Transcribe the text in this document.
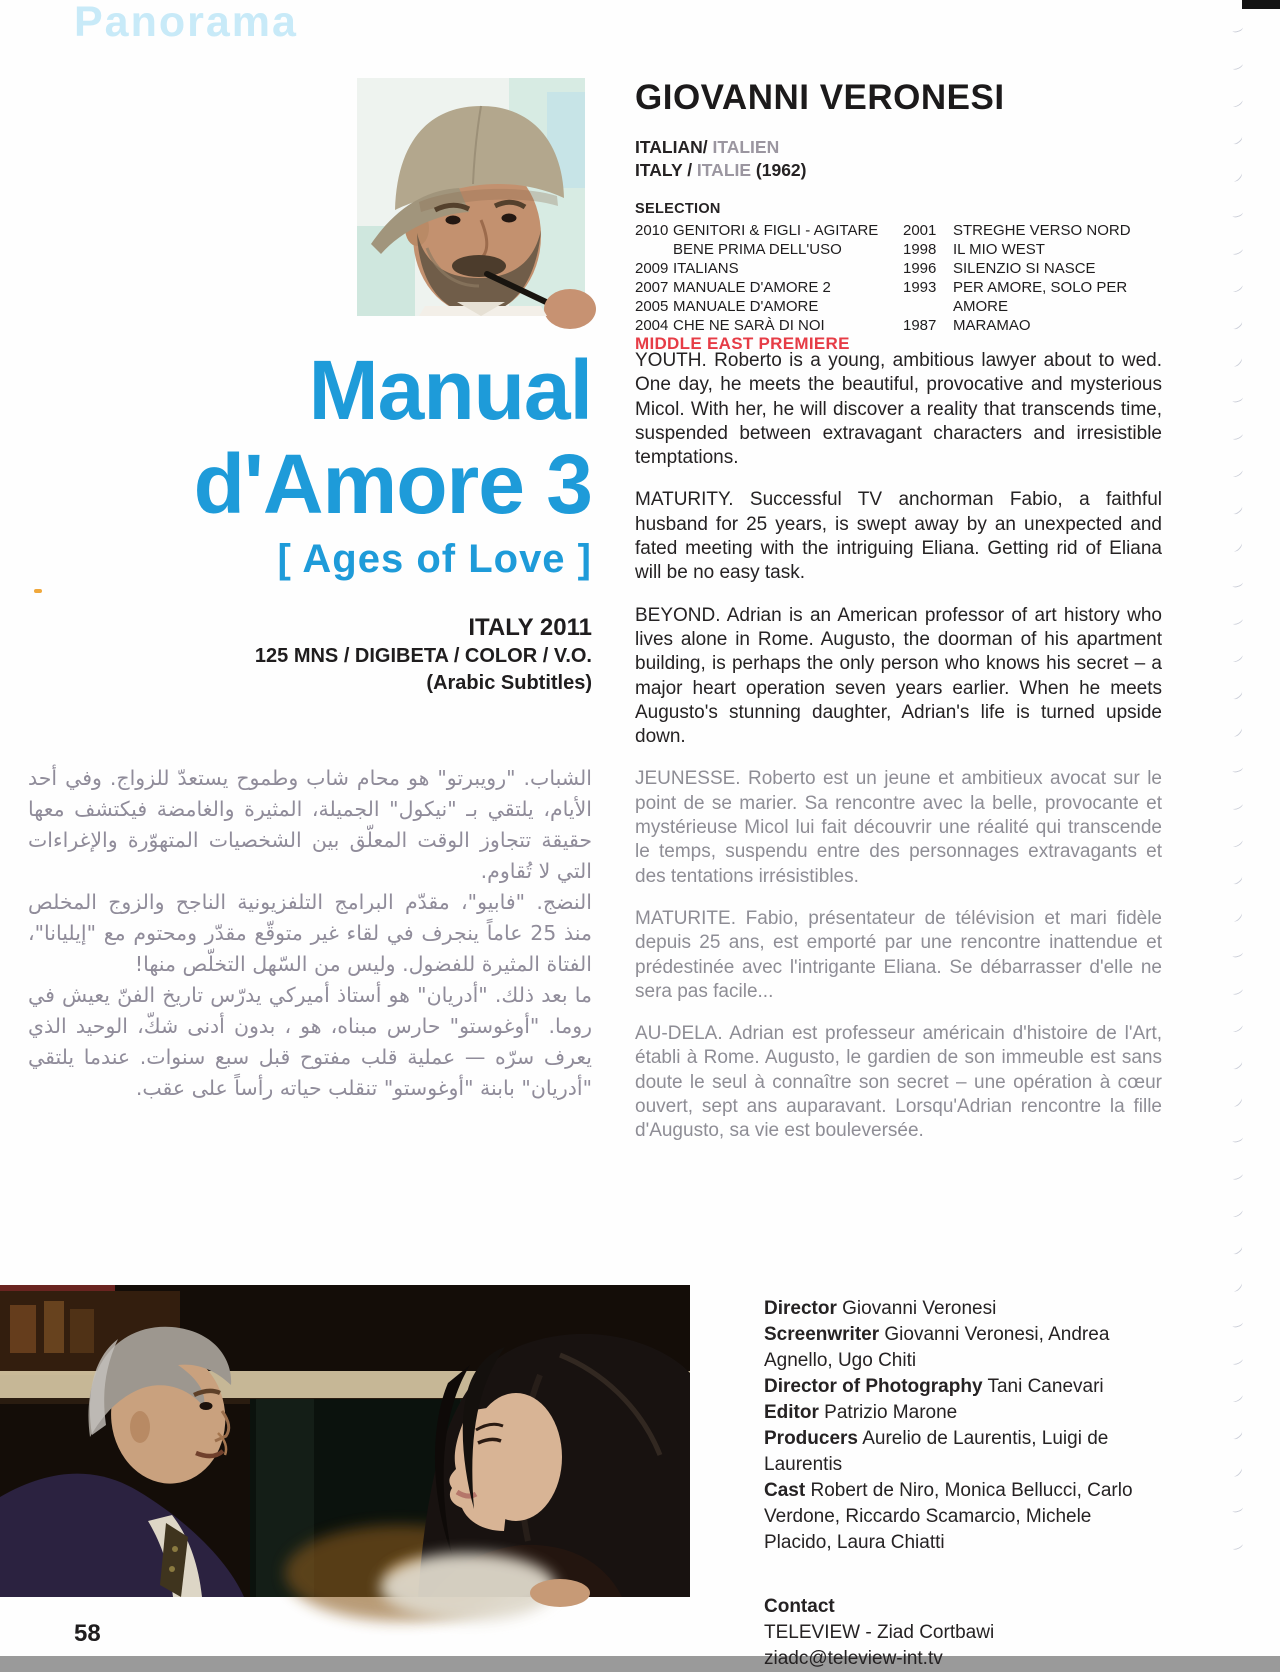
Panorama
GIOVANNI VERONESI
ITALIAN/ ITALIEN
ITALY / ITALIE (1962)
SELECTION
2010 GENITORI & FIGLI - AGITARE BENE PRIMA DELL'USO
2009 ITALIANS
2007 MANUALE D'AMORE 2
2005 MANUALE D'AMORE
2004 CHE NE SARÀ DI NOI
2001	STREGHE VERSO NORD
1998	IL MIO WEST
1996	SILENZIO SI NASCE
1993	PER AMORE, SOLO PER AMORE
1987	MARAMAO
MIDDLE EAST PREMIERE
Manual
d'Amore 3
[ Ages of Love ]
ITALY 2011
125 MNS / DIGIBETA / COLOR / V.O.
(Arabic Subtitles)

الشباب. "رويبرتو" هو محام شاب وطموح يستعدّ للزواج. وفي أحد الأيام، يلتقي بـ "نيكول" الجميلة، المثيرة والغامضة فيكتشف معها حقيقة تتجاوز الوقت المعلّق بين الشخصيات المتهوّرة والإغراءات التي لا تُقاوم.

النضج. "فابيو"، مقدّم البرامج التلفزيونية الناجح والزوج المخلص منذ 25 عاماً ينجرف في لقاء غير متوقّع مقدّر ومحتوم مع "إيليانا"، الفتاة المثيرة للفضول. وليس من السّهل التخلّص منها!

ما بعد ذلك. "أدريان" هو أستاذ أميركي يدرّس تاريخ الفنّ يعيش في روما. "أوغوستو" حارس مبناه، هو ، بدون أدنى شكّ، الوحيد الذي يعرف سرّه — عملية قلب مفتوح قبل سبع سنوات. عندما يلتقي "أدريان" بابنة "أوغوستو" تنقلب حياته رأساً على عقب.

YOUTH. Roberto is a young, ambitious lawyer about to wed. One day, he meets the beautiful, provocative and mysterious Micol. With her, he will discover a reality that transcends time, suspended between extravagant characters and irresistible temptations.

MATURITY. Successful TV anchorman Fabio, a faithful husband for 25 years, is swept away by an unexpected and fated meeting with the intriguing Eliana. Getting rid of Eliana will be no easy task.

BEYOND. Adrian is an American professor of art history who lives alone in Rome. Augusto, the doorman of his apartment building, is perhaps the only person who knows his secret – a major heart operation seven years earlier. When he meets Augusto's stunning daughter, Adrian's life is turned upside down.

JEUNESSE. Roberto est un jeune et ambitieux avocat sur le point de se marier. Sa rencontre avec la belle, provocante et mystérieuse Micol lui fait découvrir une réalité qui transcende le temps, suspendu entre des personnages extravagants et des tentations irrésistibles.

MATURITE. Fabio, présentateur de télévision et mari fidèle depuis 25 ans, est emporté par une rencontre inattendue et prédestinée avec l'intrigante Eliana. Se débarrasser d'elle ne sera pas facile...

AU-DELA. Adrian est professeur américain d'histoire de l'Art, établi à Rome. Augusto, le gardien de son immeuble est sans doute le seul à connaître son secret – une opération à cœur ouvert, sept ans auparavant. Lorsqu'Adrian rencontre la fille d'Augusto, sa vie est bouleversée.

Director Giovanni Veronesi
Screenwriter Giovanni Veronesi, Andrea Agnello, Ugo Chiti
Director of Photography Tani Canevari
Editor Patrizio Marone
Producers Aurelio de Laurentis, Luigi de Laurentis
Cast Robert de Niro, Monica Bellucci, Carlo Verdone, Riccardo Scamarcio, Michele Placido, Laura Chiatti
Contact
TELEVIEW - Ziad Cortbawi
ziadc@teleview-int.tv
58
